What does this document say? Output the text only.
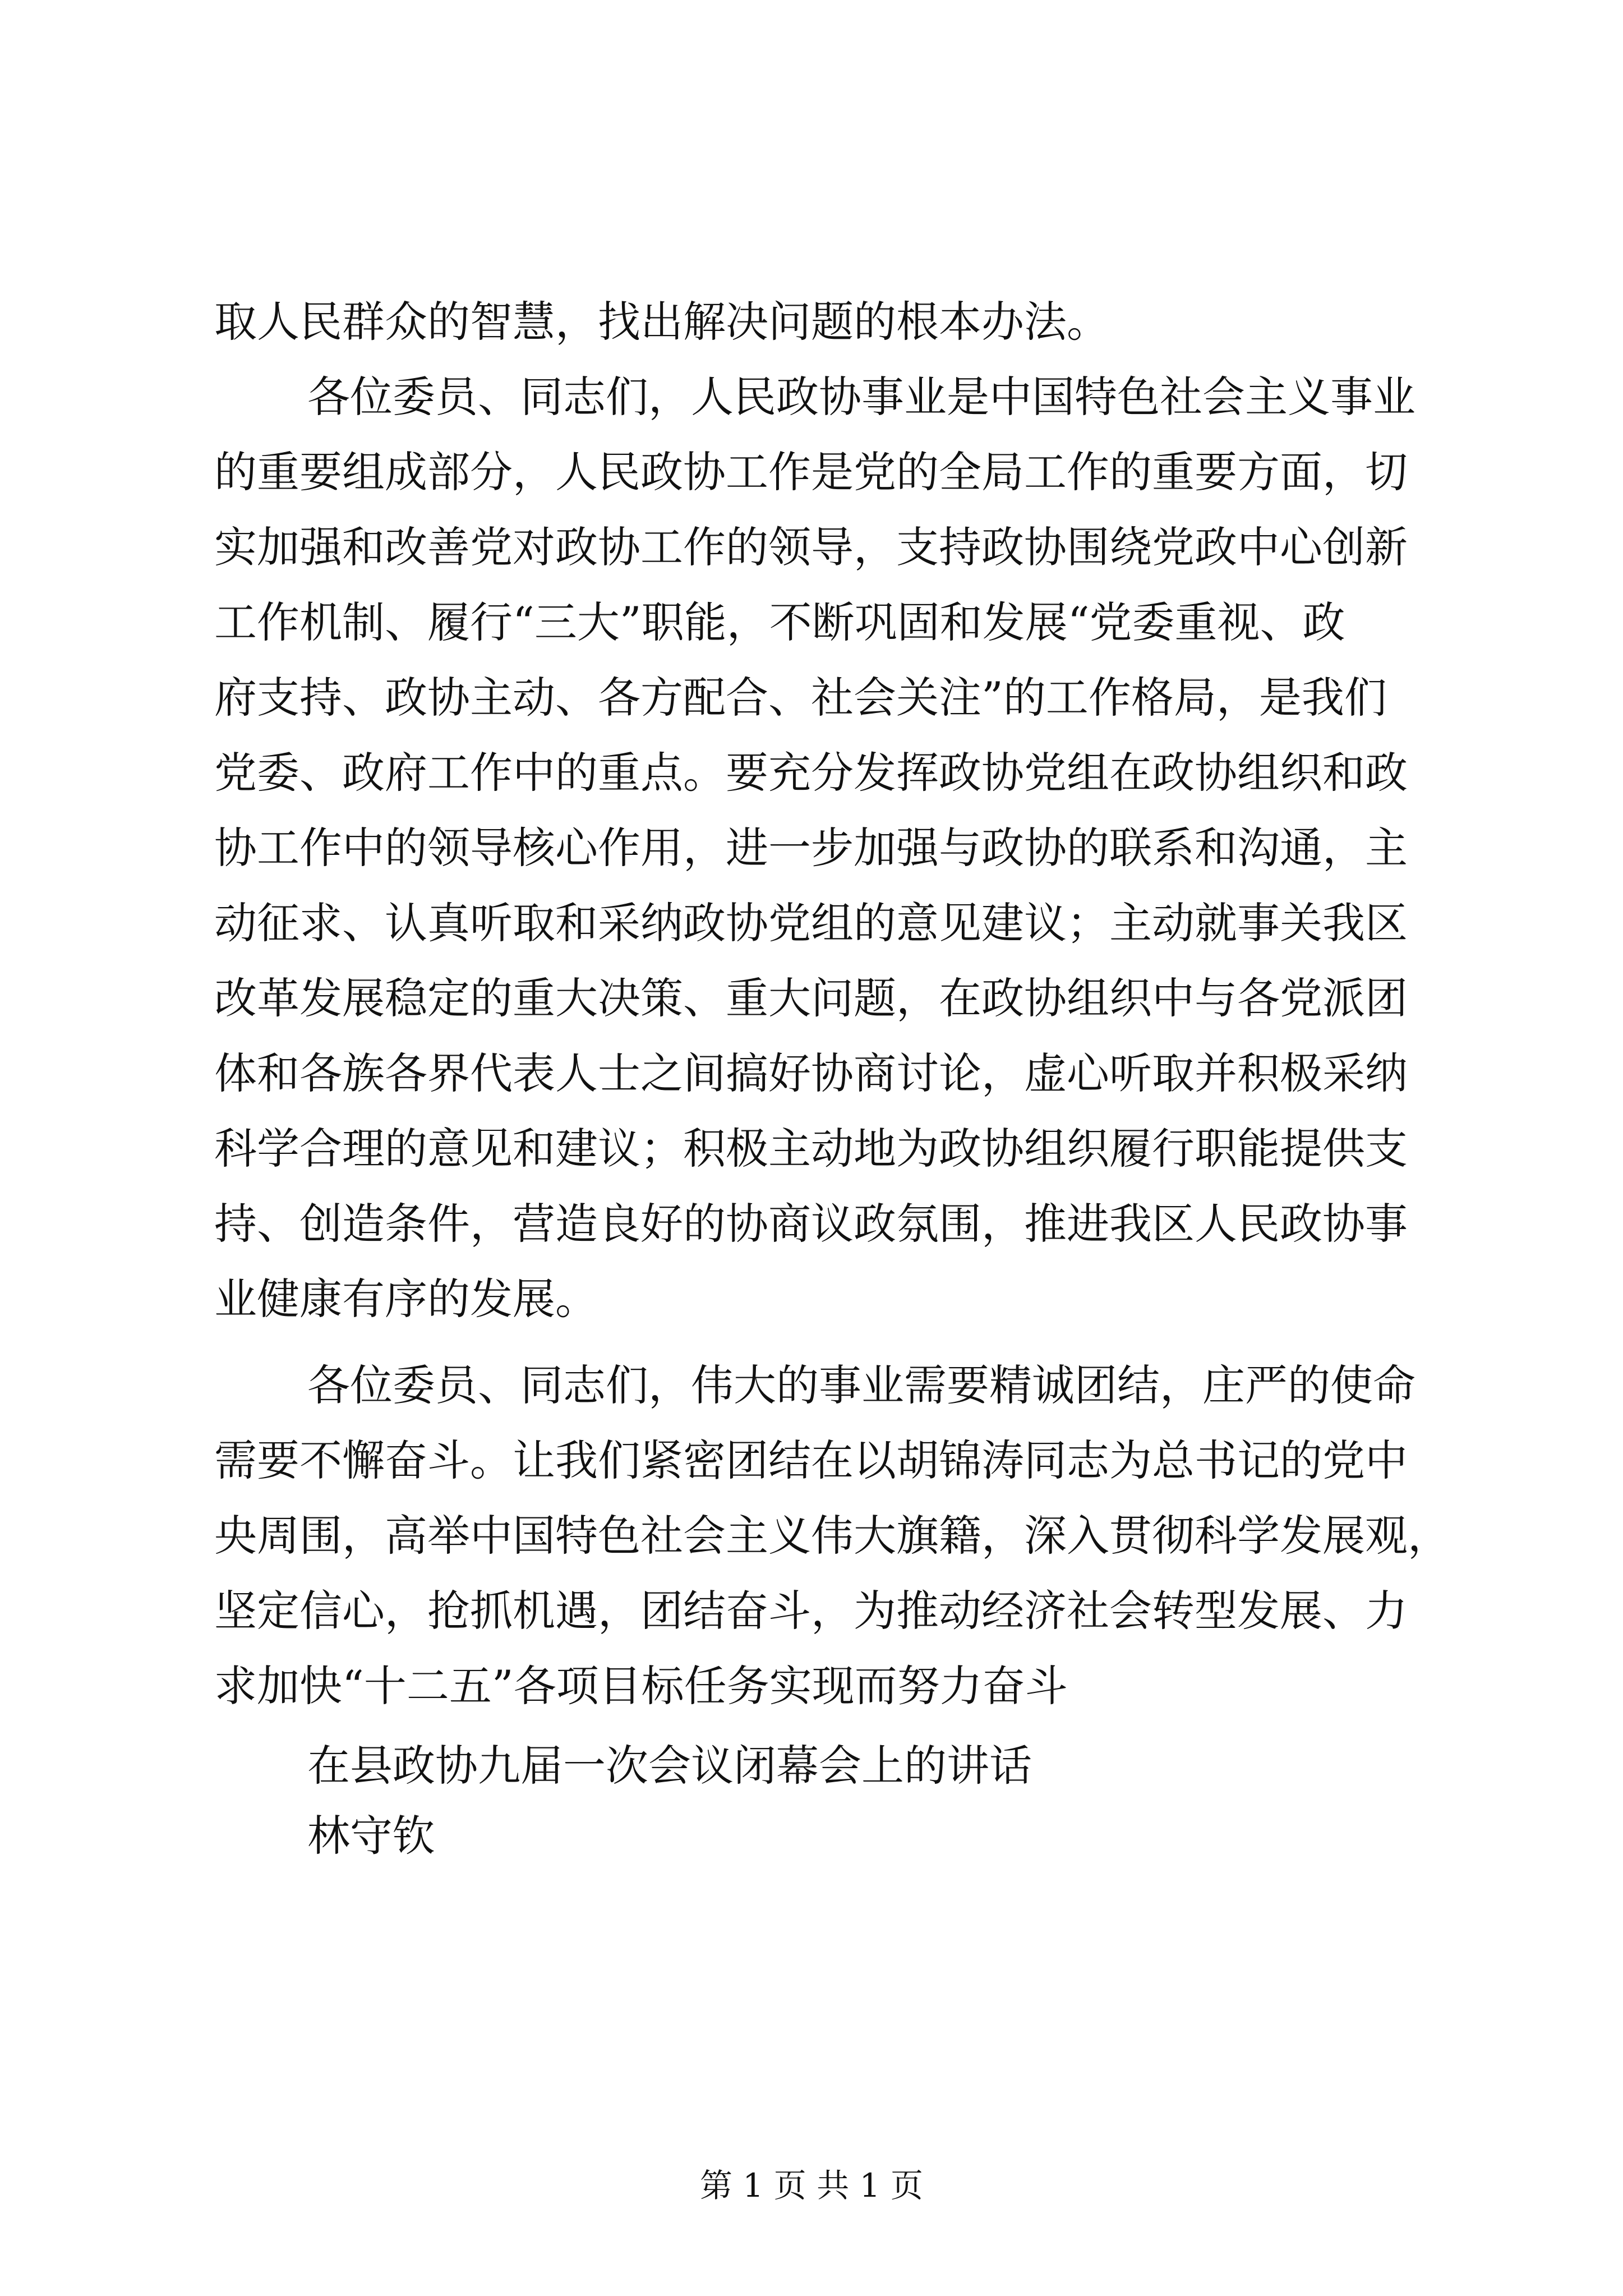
取人民群众的智慧，找出解决问题的根本办法。
各位委员、同志们，人民政协事业是中国特色社会主义事业
的重要组成部分，人民政协工作是党的全局工作的重要方面，切
实加强和改善党对政协工作的领导，支持政协围绕党政中心创新
工作机制、履行“三大”职能，不断巩固和发展“党委重视、政
府支持、政协主动、各方配合、社会关注”的工作格局，是我们
党委、政府工作中的重点。要充分发挥政协党组在政协组织和政
协工作中的领导核心作用，进一步加强与政协的联系和沟通，主
动征求、认真听取和采纳政协党组的意见建议；主动就事关我区
改革发展稳定的重大决策、重大问题，在政协组织中与各党派团
体和各族各界代表人士之间搞好协商讨论，虚心听取并积极采纳
科学合理的意见和建议；积极主动地为政协组织履行职能提供支
持、创造条件，营造良好的协商议政氛围，推进我区人民政协事
业健康有序的发展。
各位委员、同志们，伟大的事业需要精诚团结，庄严的使命
需要不懈奋斗。让我们紧密团结在以胡锦涛同志为总书记的党中
央周围，高举中国特色社会主义伟大旗籍，深入贯彻科学发展观，
坚定信心，抢抓机遇，团结奋斗，为推动经济社会转型发展、力
求加快“十二五”各项目标任务实现而努力奋斗
在县政协九届一次会议闭幕会上的讲话
林守钦
第 1 页 共 1 页
